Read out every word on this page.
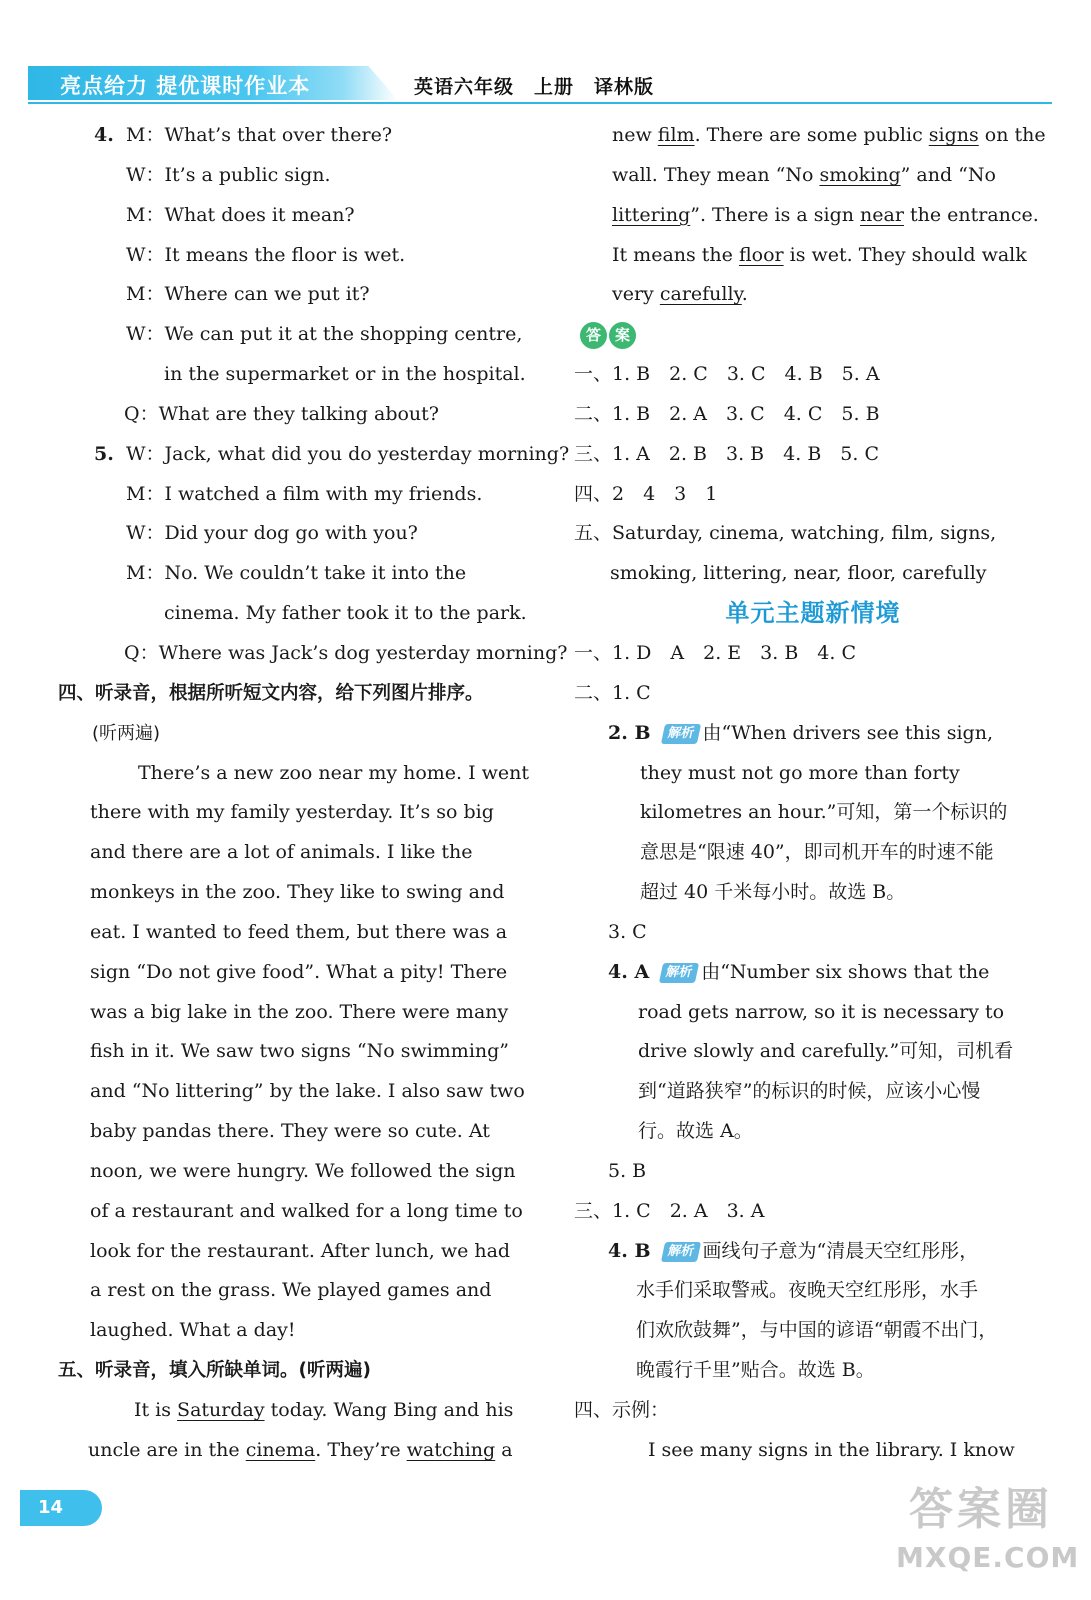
亮点给力 提优课时作业本	英语六年级　上册　译林版
4. M：What’s that over there?
W：It’s a public sign.
M：What does it mean?
W：It means the floor is wet.
M：Where can we put it?
W：We can put it at the shopping centre,
in the supermarket or in the hospital.
Q：What are they talking about?
5. W：Jack, what did you do yesterday morning?
M：I watched a film with my friends.
W：Did your dog go with you?
M：No. We couldn’t take it into the
cinema. My father took it to the park.
Q：Where was Jack’s dog yesterday morning?
四、听录音，根据所听短文内容，给下列图片排序。
(听两遍)
There’s a new zoo near my home. I went
there with my family yesterday. It’s so big
and there are a lot of animals. I like the
monkeys in the zoo. They like to swing and
eat. I wanted to feed them, but there was a
sign “Do not give food”. What a pity! There
was a big lake in the zoo. There were many
fish in it. We saw two signs “No swimming”
and “No littering” by the lake. I also saw two
baby pandas there. They were so cute. At
noon, we were hungry. We followed the sign
of a restaurant and walked for a long time to
look for the restaurant. After lunch, we had
a rest on the grass. We played games and
laughed. What a day!
五、听录音，填入所缺单词。(听两遍)
It is Saturday today. Wang Bing and his
uncle are in the cinema. They’re watching a
new film. There are some public signs on the
wall. They mean “No smoking” and “No
littering”. There is a sign near the entrance.
It means the floor is wet. They should walk
very carefully.
答 案
一、1. B　2. C　3. C　4. B　5. A
二、1. B　2. A　3. C　4. C　5. B
三、1. A　2. B　3. B　4. B　5. C
四、2　4　3　1
五、Saturday, cinema, watching, film, signs,
smoking, littering, near, floor, carefully
单元主题新情境
一、1. D　A　2. E　3. B　4. C
二、1. C
2. B 解析 由“When drivers see this sign,
they must not go more than forty
kilometres an hour.”可知，第一个标识的
意思是“限速 40”，即司机开车的时速不能
超过 40 千米每小时。故选 B。
3. C
4. A 解析 由“Number six shows that the
road gets narrow, so it is necessary to
drive slowly and carefully.”可知，司机看
到“道路狭窄”的标识的时候，应该小心慢
行。故选 A。
5. B
三、1. C　2. A　3. A
4. B 解析 画线句子意为“清晨天空红彤彤，
水手们采取警戒。夜晚天空红彤彤，水手
们欢欣鼓舞”，与中国的谚语“朝霞不出门，
晚霞行千里”贴合。故选 B。
四、示例：
I see many signs in the library. I know
14	答案圈
MXQE.COM
